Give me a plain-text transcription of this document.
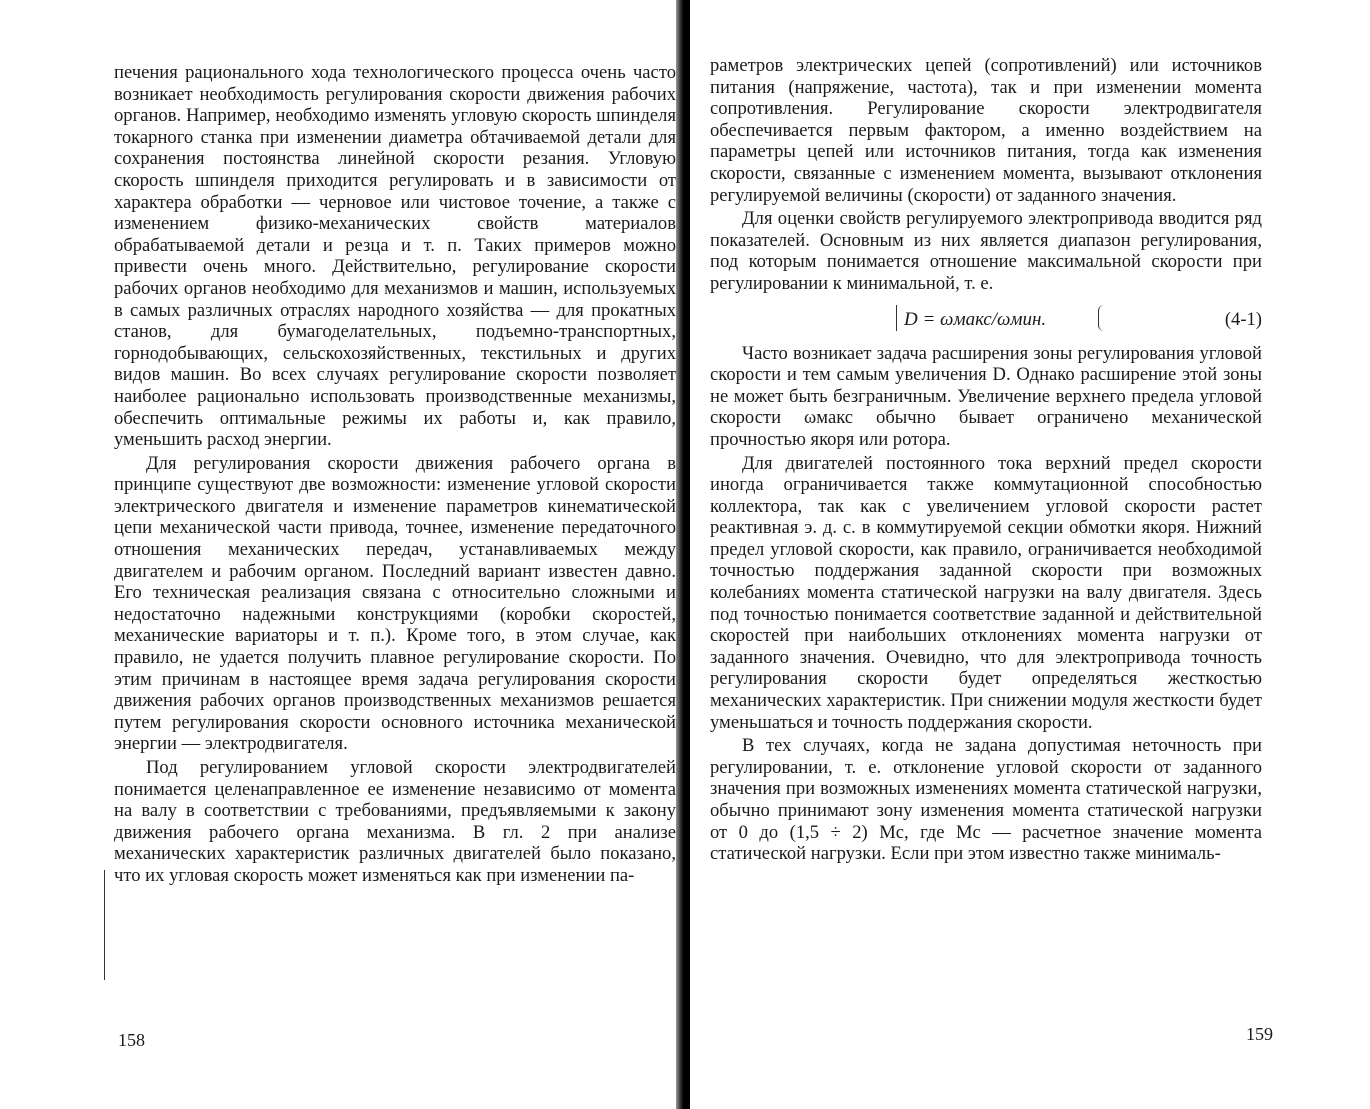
печения рационального хода технологического процесса очень часто возникает необходимость регулирования скорости движения рабочих органов. Например, необходимо изменять угловую скорость шпинделя токарного станка при изменении диаметра обтачиваемой детали для сохранения постоянства линейной скорости резания. Угловую скорость шпинделя приходится регулировать и в зависимости от характера обработки — черновое или чистовое точение, а также с изменением физико-механических свойств материалов обрабатываемой детали и резца и т. п. Таких примеров можно привести очень много. Действительно, регулирование скорости рабочих органов необходимо для механизмов и машин, используемых в самых различных отраслях народного хозяйства — для прокатных станов, для бумагоделательных, подъемно-транспортных, горнодобывающих, сельскохозяйственных, текстильных и других видов машин. Во всех случаях регулирование скорости позволяет наиболее рационально использовать производственные механизмы, обеспечить оптимальные режимы их работы и, как правило, уменьшить расход энергии.

Для регулирования скорости движения рабочего органа в принципе существуют две возможности: изменение угловой скорости электрического двигателя и изменение параметров кинематической цепи механической части привода, точнее, изменение передаточного отношения механических передач, устанавливаемых между двигателем и рабочим органом. Последний вариант известен давно. Его техническая реализация связана с относительно сложными и недостаточно надежными конструкциями (коробки скоростей, механические вариаторы и т. п.). Кроме того, в этом случае, как правило, не удается получить плавное регулирование скорости. По этим причинам в настоящее время задача регулирования скорости движения рабочих органов производственных механизмов решается путем регулирования скорости основного источника механической энергии — электродвигателя.

Под регулированием угловой скорости электродвигателей понимается целенаправленное ее изменение независимо от момента на валу в соответствии с требованиями, предъявляемыми к закону движения рабочего органа механизма. В гл. 2 при анализе механических характеристик различных двигателей было показано, что их угловая скорость может изменяться как при изменении па-

158

раметров электрических цепей (сопротивлений) или источников питания (напряжение, частота), так и при изменении момента сопротивления. Регулирование скорости электродвигателя обеспечивается первым фактором, а именно воздействием на параметры цепей или источников питания, тогда как изменения скорости, связанные с изменением момента, вызывают отклонения регулируемой величины (скорости) от заданного значения.

Для оценки свойств регулируемого электропривода вводится ряд показателей. Основным из них является диапазон регулирования, под которым понимается отношение максимальной скорости при регулировании к минимальной, т. е.

D = ωмакс/ωмин.	(4-1)

Часто возникает задача расширения зоны регулирования угловой скорости и тем самым увеличения D. Однако расширение этой зоны не может быть безграничным. Увеличение верхнего предела угловой скорости ωмакс обычно бывает ограничено механической прочностью якоря или ротора.

Для двигателей постоянного тока верхний предел скорости иногда ограничивается также коммутационной способностью коллектора, так как с увеличением угловой скорости растет реактивная э. д. с. в коммутируемой секции обмотки якоря. Нижний предел угловой скорости, как правило, ограничивается необходимой точностью поддержания заданной скорости при возможных колебаниях момента статической нагрузки на валу двигателя. Здесь под точностью понимается соответствие заданной и действительной скоростей при наибольших отклонениях момента нагрузки от заданного значения. Очевидно, что для электропривода точность регулирования скорости будет определяться жесткостью механических характеристик. При снижении модуля жесткости будет уменьшаться и точность поддержания скорости.

В тех случаях, когда не задана допустимая неточность при регулировании, т. е. отклонение угловой скорости от заданного значения при возможных изменениях момента статической нагрузки, обычно принимают зону изменения момента статической нагрузки от 0 до (1,5 ÷ 2) Mс, где Mс — расчетное значение момента статической нагрузки. Если при этом известно также минималь-

159
